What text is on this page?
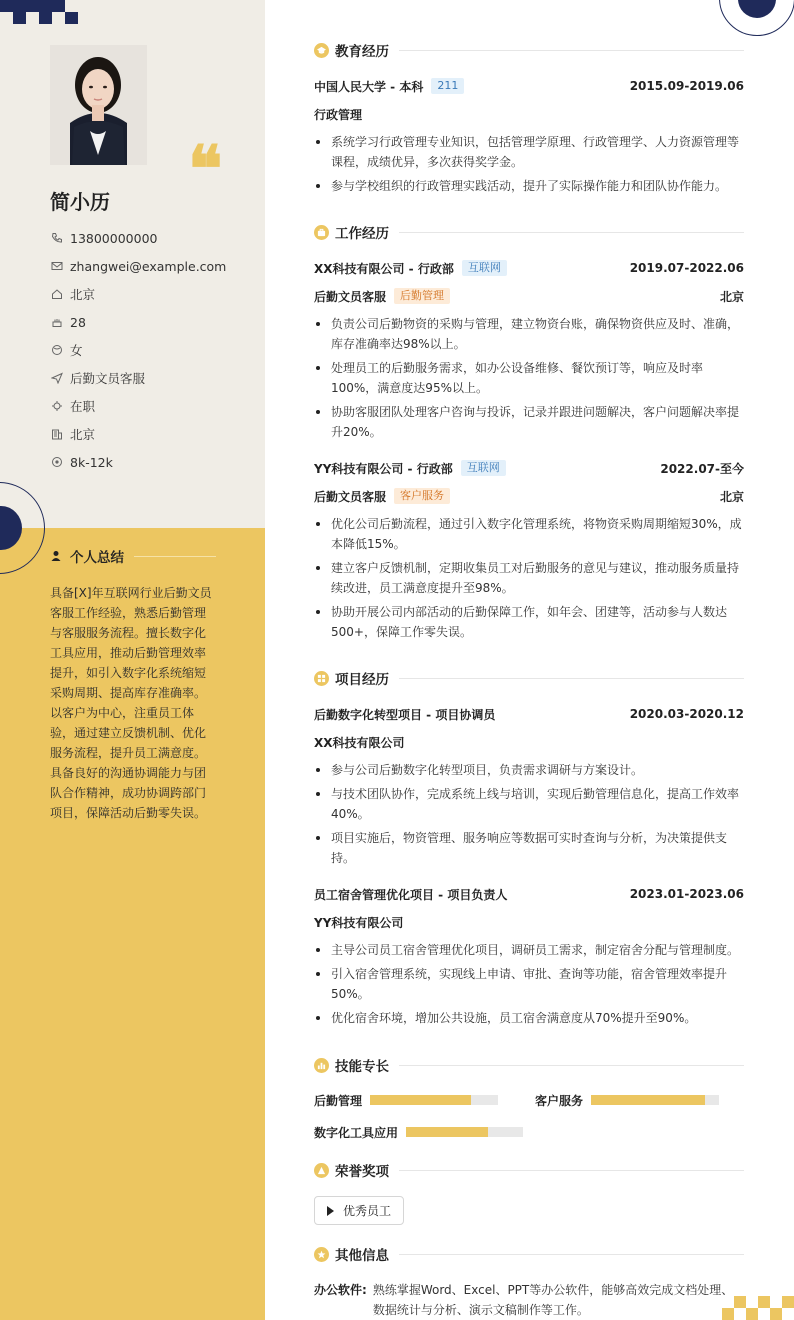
❝
简小历
13800000000
zhangwei@example.com
北京
28
女
后勤文员客服
在职
北京
8k-12k
个人总结
具备[X]年互联网行业后勤文员客服工作经验，熟悉后勤管理与客服服务流程。擅长数字化工具应用，推动后勤管理效率提升，如引入数字化系统缩短采购周期、提高库存准确率。以客户为中心，注重员工体验，通过建立反馈机制、优化服务流程，提升员工满意度。具备良好的沟通协调能力与团队合作精神，成功协调跨部门项目，保障活动后勤零失误。
教育经历
中国人民大学 - 本科	211	2015.09-2019.06
行政管理
系统学习行政管理专业知识，包括管理学原理、行政管理学、人力资源管理等课程，成绩优异，多次获得奖学金。
参与学校组织的行政管理实践活动，提升了实际操作能力和团队协作能力。
工作经历
XX科技有限公司 - 行政部	互联网	2019.07-2022.06
后勤文员客服	后勤管理	北京
负责公司后勤物资的采购与管理，建立物资台账，确保物资供应及时、准确，库存准确率达98%以上。
处理员工的后勤服务需求，如办公设备维修、餐饮预订等，响应及时率100%，满意度达95%以上。
协助客服团队处理客户咨询与投诉，记录并跟进问题解决，客户问题解决率提升20%。
YY科技有限公司 - 行政部	互联网	2022.07-至今
后勤文员客服	客户服务	北京
优化公司后勤流程，通过引入数字化管理系统，将物资采购周期缩短30%，成本降低15%。
建立客户反馈机制，定期收集员工对后勤服务的意见与建议，推动服务质量持续改进，员工满意度提升至98%。
协助开展公司内部活动的后勤保障工作，如年会、团建等，活动参与人数达500+，保障工作零失误。
项目经历
后勤数字化转型项目 - 项目协调员	2020.03-2020.12
XX科技有限公司
参与公司后勤数字化转型项目，负责需求调研与方案设计。
与技术团队协作，完成系统上线与培训，实现后勤管理信息化，提高工作效率40%。
项目实施后，物资管理、服务响应等数据可实时查询与分析，为决策提供支持。
员工宿舍管理优化项目 - 项目负责人	2023.01-2023.06
YY科技有限公司
主导公司员工宿舍管理优化项目，调研员工需求，制定宿舍分配与管理制度。
引入宿舍管理系统，实现线上申请、审批、查询等功能，宿舍管理效率提升50%。
优化宿舍环境，增加公共设施，员工宿舍满意度从70%提升至90%。
技能专长
后勤管理	客户服务
数字化工具应用
荣誉奖项
优秀员工
其他信息
办公软件: 熟练掌握Word、Excel、PPT等办公软件，能够高效完成文档处理、数据统计与分析、演示文稿制作等工作。
